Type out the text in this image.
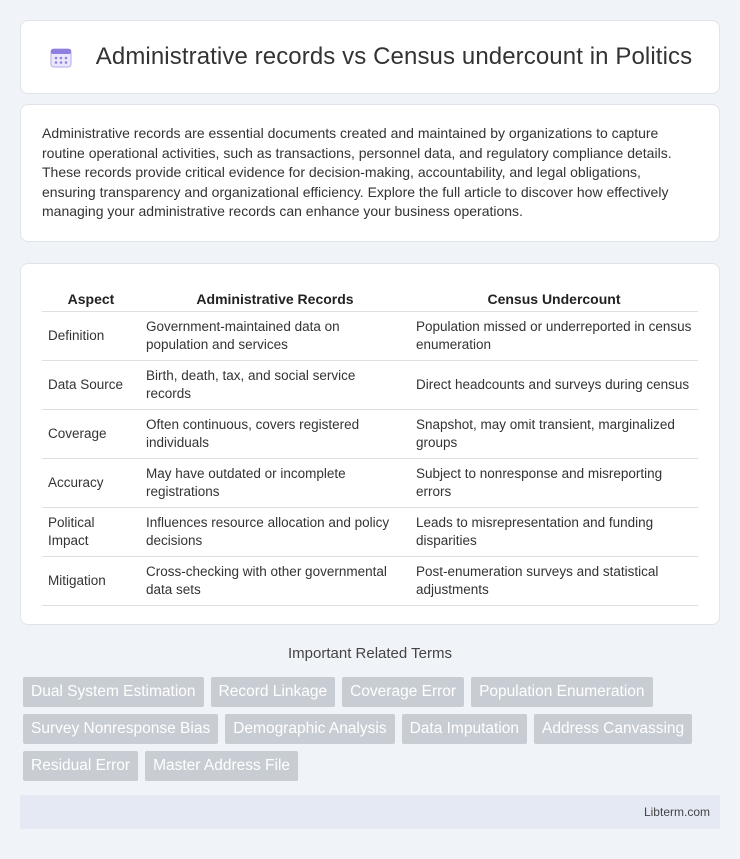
Administrative records vs Census undercount in Politics

Administrative records are essential documents created and maintained by organizations to capture routine operational activities, such as transactions, personnel data, and regulatory compliance details. These records provide critical evidence for decision-making, accountability, and legal obligations, ensuring transparency and organizational efficiency. Explore the full article to discover how effectively managing your administrative records can enhance your business operations.

Aspect	Administrative Records	Census Undercount
Definition	Government-maintained data on population and services	Population missed or underreported in census enumeration
Data Source	Birth, death, tax, and social service records	Direct headcounts and surveys during census
Coverage	Often continuous, covers registered individuals	Snapshot, may omit transient, marginalized groups
Accuracy	May have outdated or incomplete registrations	Subject to nonresponse and misreporting errors
Political Impact	Influences resource allocation and policy decisions	Leads to misrepresentation and funding disparities
Mitigation	Cross-checking with other governmental data sets	Post-enumeration surveys and statistical adjustments
Important Related Terms
Dual System Estimation	Record Linkage	Coverage Error	Population Enumeration
Survey Nonresponse Bias	Demographic Analysis	Data Imputation	Address Canvassing
Residual Error	Master Address File
Libterm.com
